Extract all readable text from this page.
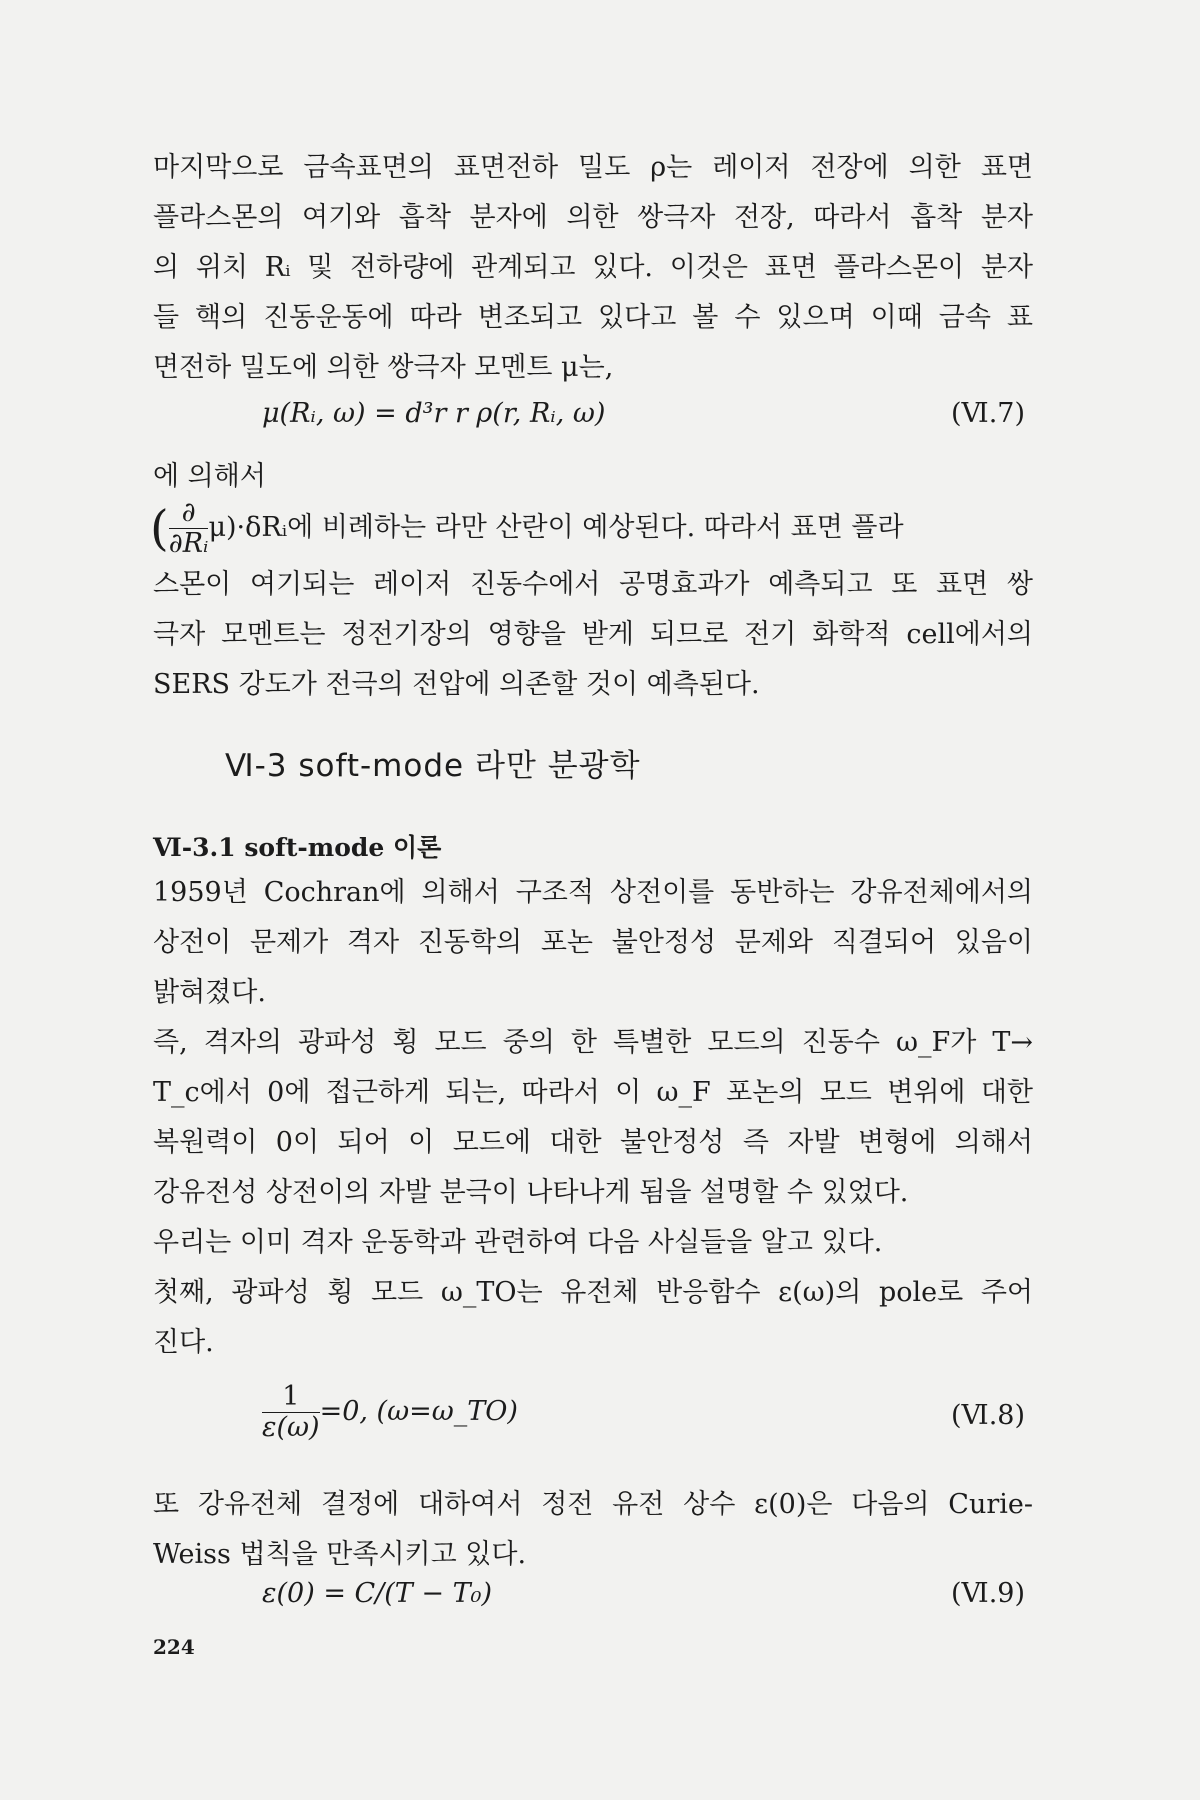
마지막으로 금속표면의 표면전하 밀도 ρ는 레이저 전장에 의한 표면
플라스몬의 여기와 흡착 분자에 의한 쌍극자 전장, 따라서 흡착 분자
의 위치 Rᵢ 및 전하량에 관계되고 있다. 이것은 표면 플라스몬이 분자
들 핵의 진동운동에 따라 변조되고 있다고 볼 수 있으며 이때 금속 표
면전하 밀도에 의한 쌍극자 모멘트 μ는,
μ(Rᵢ, ω) = d³r r ρ(r, Rᵢ, ω)	(Ⅵ.7)
에 의해서
( $\frac{\partial}{\text{∂Rᵢ}}$ μ)·δRᵢ에 비례하는 라만 산란이 예상된다. 따라서 표면 플라
스몬이 여기되는 레이저 진동수에서 공명효과가 예측되고 또 표면 쌍
극자 모멘트는 정전기장의 영향을 받게 되므로 전기 화학적 cell에서의
SERS 강도가 전극의 전압에 의존할 것이 예측된다.
Ⅵ-3 soft-mode 라만 분광학
Ⅵ-3.1 soft-mode 이론
1959년 Cochran에 의해서 구조적 상전이를 동반하는 강유전체에서의
상전이 문제가 격자 진동학의 포논 불안정성 문제와 직결되어 있음이
밝혀졌다.
즉, 격자의 광파성 횡 모드 중의 한 특별한 모드의 진동수 ω_F가 T→
T_c에서 0에 접근하게 되는, 따라서 이 ω_F 포논의 모드 변위에 대한
복원력이 0이 되어 이 모드에 대한 불안정성 즉 자발 변형에 의해서
강유전성 상전이의 자발 분극이 나타나게 됨을 설명할 수 있었다.
우리는 이미 격자 운동학과 관련하여 다음 사실들을 알고 있다.
첫째, 광파성 횡 모드 ω_TO는 유전체 반응함수 ε(ω)의 pole로 주어
진다.
$\frac{1}{\varepsilon(\omega)} =0$, (ω=ω_TO)	(Ⅵ.8)
또 강유전체 결정에 대하여서 정전 유전 상수 ε(0)은 다음의 Curie-
Weiss 법칙을 만족시키고 있다.
ε(0) = C/(T − T₀)	(Ⅵ.9)
224
